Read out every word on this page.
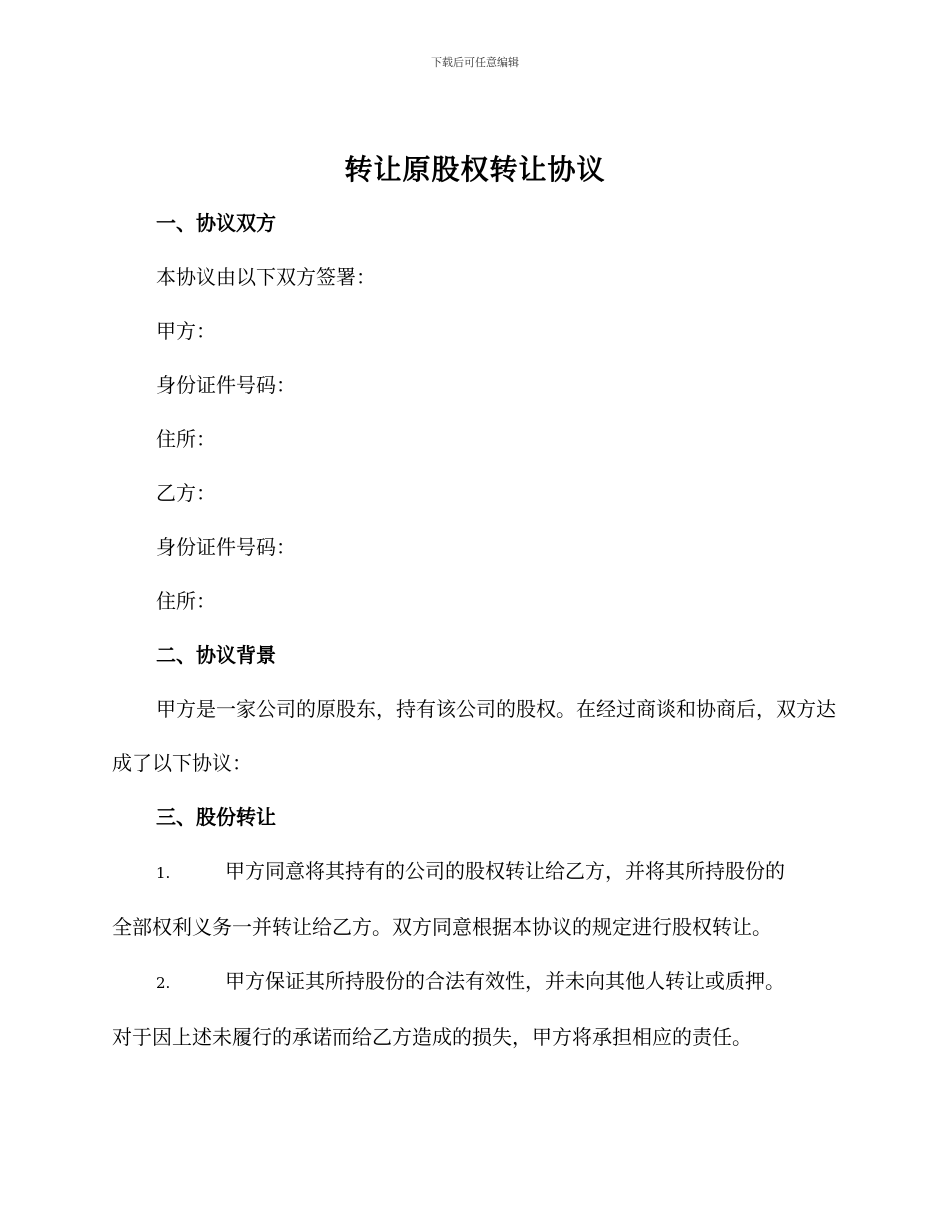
下载后可任意编辑
转让原股权转让协议
一、协议双方
本协议由以下双方签署：
甲方：
身份证件号码：
住所：
乙方：
身份证件号码：
住所：
二、协议背景
甲方是一家公司的原股东，持有该公司的股权。在经过商谈和协商后，双方达成了以下协议：
三、股份转让
1.	甲方同意将其持有的公司的股权转让给乙方，并将其所持股份的
全部权利义务一并转让给乙方。双方同意根据本协议的规定进行股权转让。
2.	甲方保证其所持股份的合法有效性，并未向其他人转让或质押。
对于因上述未履行的承诺而给乙方造成的损失，甲方将承担相应的责任。
